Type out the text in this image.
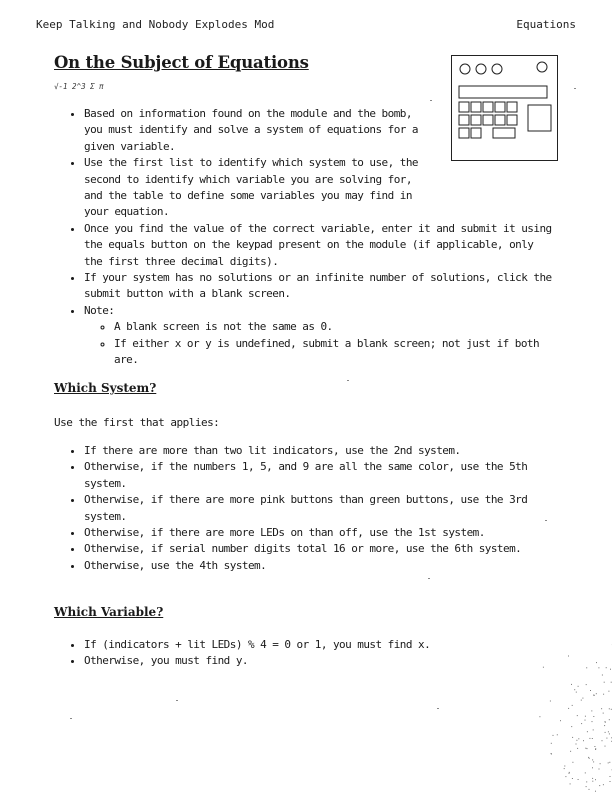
Keep Talking and Nobody Explodes Mod	Equations
On the Subject of Equations
√-1 2^3 Σ π
• Based on information found on the module and the bomb, you must identify and solve a system of equations for a given variable.
• Use the first list to identify which system to use, the second to identify which variable you are solving for, and the table to define some variables you may find in your equation.
• Once you find the value of the correct variable, enter it and submit it using the equals button on the keypad present on the module (if applicable, only the first three decimal digits).
• If your system has no solutions or an infinite number of solutions, click the submit button with a blank screen.
• Note:
◦ A blank screen is not the same as 0.
◦ If either x or y is undefined, submit a blank screen; not just if both are.
Which System?
Use the first that applies:
• If there are more than two lit indicators, use the 2nd system.
• Otherwise, if the numbers 1, 5, and 9 are all the same color, use the 5th system.
• Otherwise, if there are more pink buttons than green buttons, use the 3rd system.
• Otherwise, if there are more LEDs on than off, use the 1st system.
• Otherwise, if serial number digits total 16 or more, use the 6th system.
• Otherwise, use the 4th system.
Which Variable?
• If (indicators + lit LEDs) % 4 = 0 or 1, you must find x.
• Otherwise, you must find y.
